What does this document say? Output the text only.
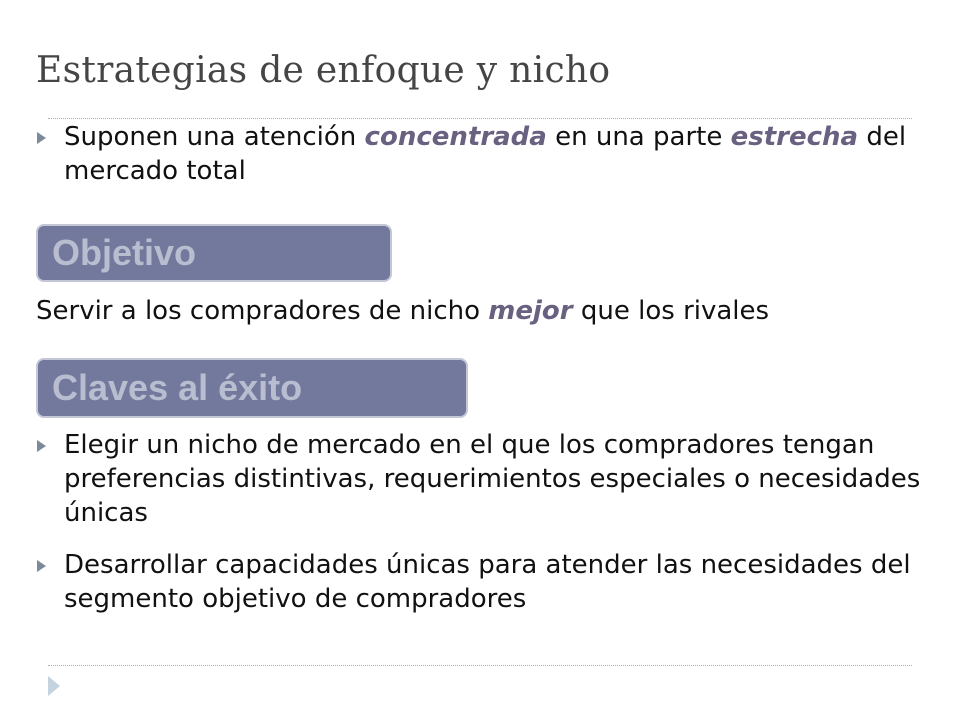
Estrategias de enfoque y nicho

Suponen una atención concentrada en una parte estrecha del mercado total

Objetivo

Servir a los compradores de nicho mejor que los rivales

Claves al éxito

Elegir un nicho de mercado en el que los compradores tengan preferencias distintivas, requerimientos especiales o necesidades únicas

Desarrollar capacidades únicas para atender las necesidades del segmento objetivo de compradores
